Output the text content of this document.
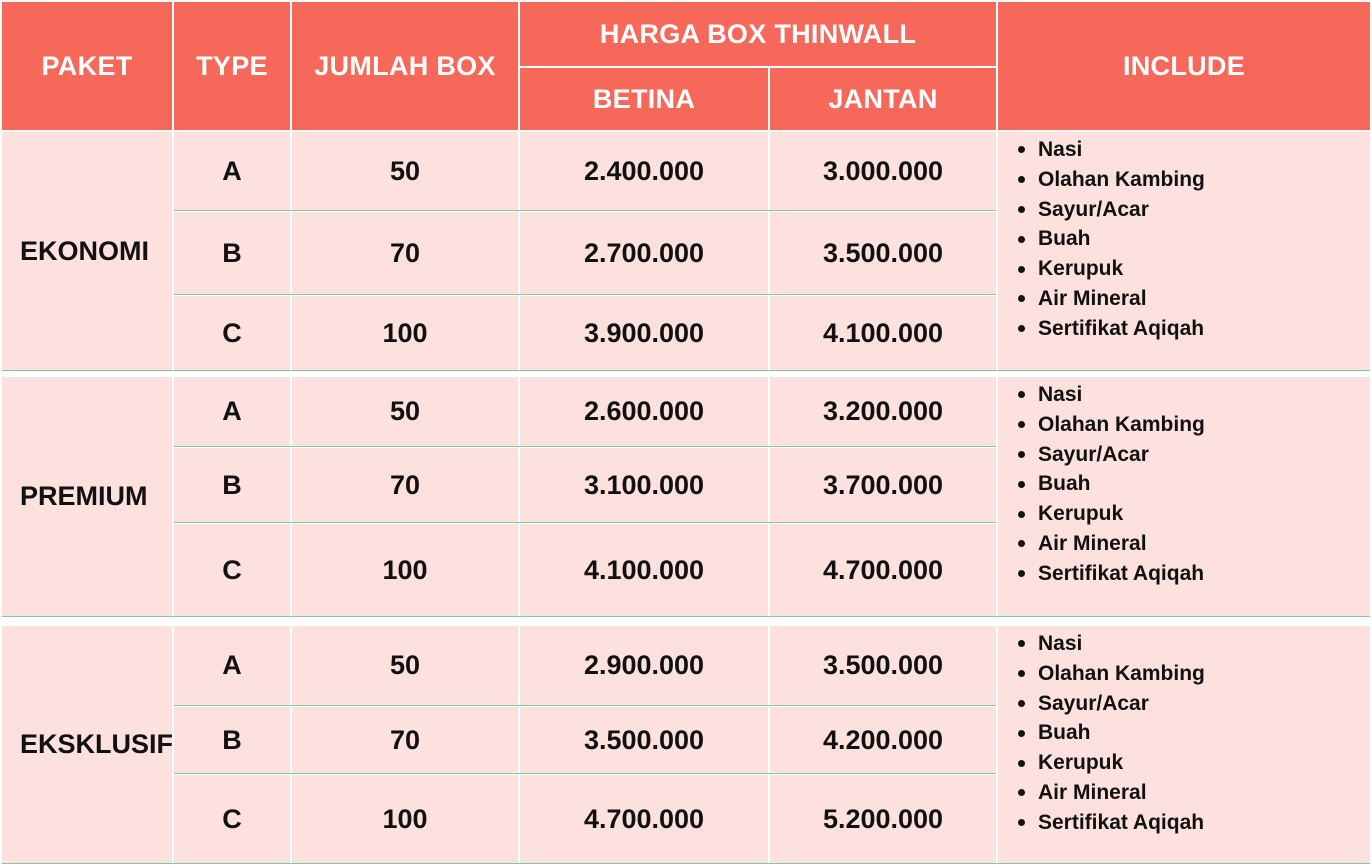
PAKET	TYPE	JUMLAH BOX
HARGA BOX THINWALL
BETINA	JANTAN
INCLUDE
EKONOMI
A	50	2.400.000	3.000.000
B	70	2.700.000	3.500.000
C	100	3.900.000	4.100.000
Nasi
Olahan Kambing
Sayur/Acar
Buah
Kerupuk
Air Mineral
Sertifikat Aqiqah
PREMIUM
A	50	2.600.000	3.200.000
B	70	3.100.000	3.700.000
C	100	4.100.000	4.700.000
Nasi
Olahan Kambing
Sayur/Acar
Buah
Kerupuk
Air Mineral
Sertifikat Aqiqah
EKSKLUSIF
A	50	2.900.000	3.500.000
B	70	3.500.000	4.200.000
C	100	4.700.000	5.200.000
Nasi
Olahan Kambing
Sayur/Acar
Buah
Kerupuk
Air Mineral
Sertifikat Aqiqah
